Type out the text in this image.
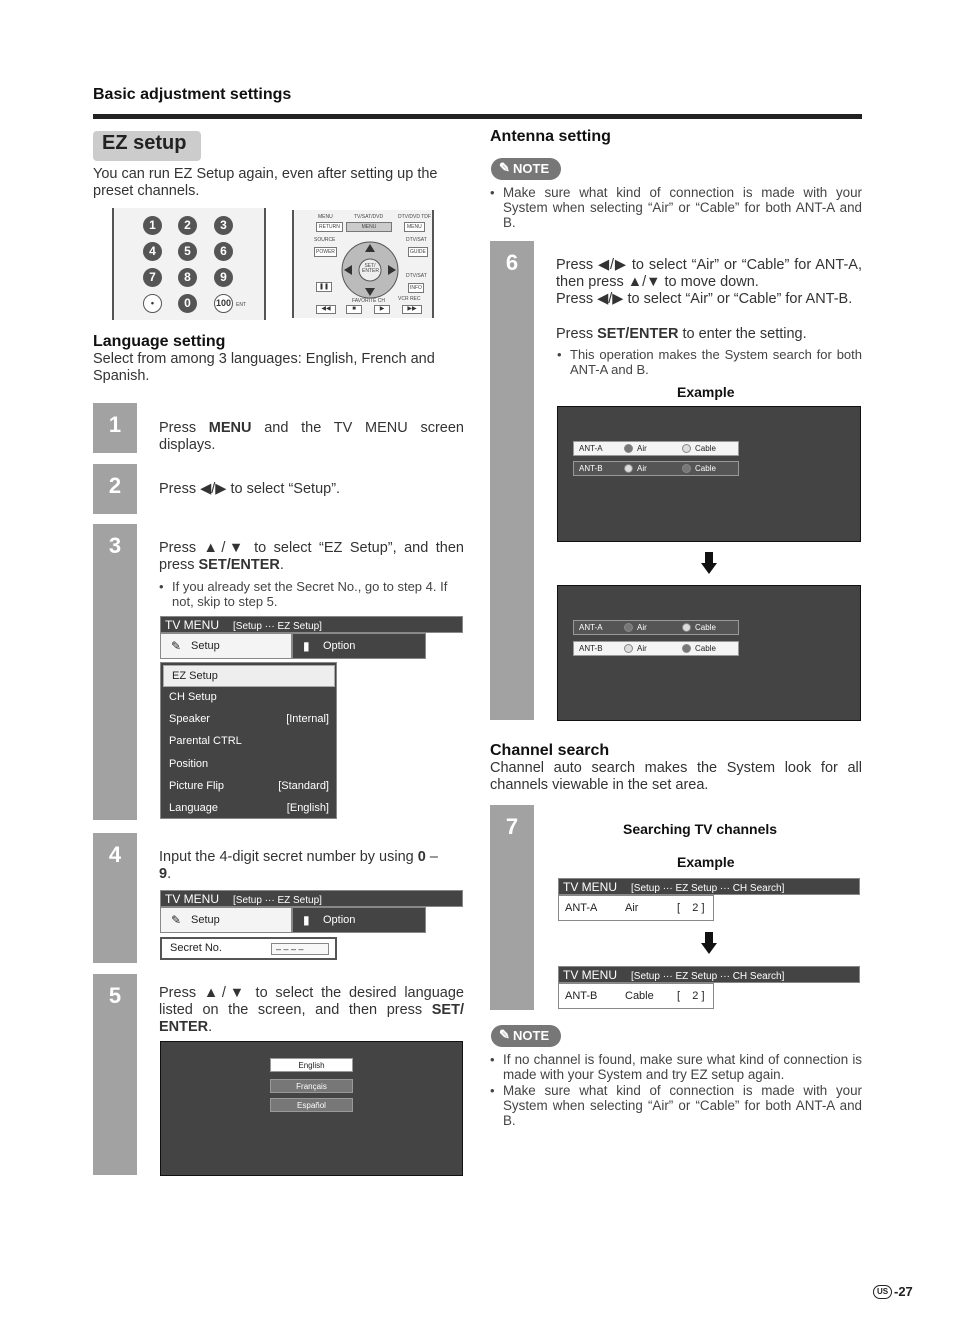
Basic adjustment settings
EZ setup
You can run EZ Setup again, even after setting up the preset channels.
1	2	3
4	5	6
7	8	9
•	0	100 ENT
MENU	TV/SAT/DVD	DTV/DVD TDF
RETURN	MENU	MENU
SOURCE	DTV/SAT
POWER	GUIDE
SET/ ENTER
DTV/SAT
INFO
❚❚
FAVORITE CH	VCR REC
◀◀	■	▶	▶▶
Language setting
Select from among 3 languages: English, French and Spanish.
1
2
3
4
5
Press MENU and the TV MENU screen displays.
Press ◀/▶ to select “Setup”.
Press ▲/▼ to select “EZ Setup”, and then press SET/ENTER.
• If you already set the Secret No., go to step 4. If not, skip to step 5.
TV MENU [Setup ··· EZ Setup]
✎ Setup	▮ Option
EZ Setup
CH Setup
Speaker	[Internal]
Parental CTRL
Position
Picture Flip	[Standard]
Language	[English]
Input the 4-digit secret number by using 0 –
9.
TV MENU [Setup ··· EZ Setup]
✎ Setup	▮ Option
Secret No.	– – – –
Press ▲/▼ to select the desired language listed on the screen, and then press SET/ ENTER.
English
Français
Español
Antenna setting
✎ NOTE
• Make sure what kind of connection is made with your System when selecting “Air” or “Cable” for both ANT-A and B.
6	Press ◀/▶ to select “Air” or “Cable” for ANT-A, then press ▲/▼ to move down.
Press ◀/▶ to select “Air” or “Cable” for ANT-B.
Press SET/ENTER to enter the setting.
• This operation makes the System search for both ANT-A and B.
Example
ANT-A	Air	Cable
ANT-B	Air	Cable
ANT-A	Air	Cable
ANT-B	Air	Cable
Channel search
Channel auto search makes the System look for all channels viewable in the set area.
7	Searching TV channels
Example
TV MENU [Setup ··· EZ Setup ··· CH Search]
ANT-A	Air	[    2 ]
TV MENU [Setup ··· EZ Setup ··· CH Search]
ANT-B	Cable [    2 ]
✎ NOTE
• If no channel is found, make sure what kind of connection is made with your System and try EZ setup again.
• Make sure what kind of connection is made with your System when selecting “Air” or “Cable” for both ANT-A and B.
US -27
